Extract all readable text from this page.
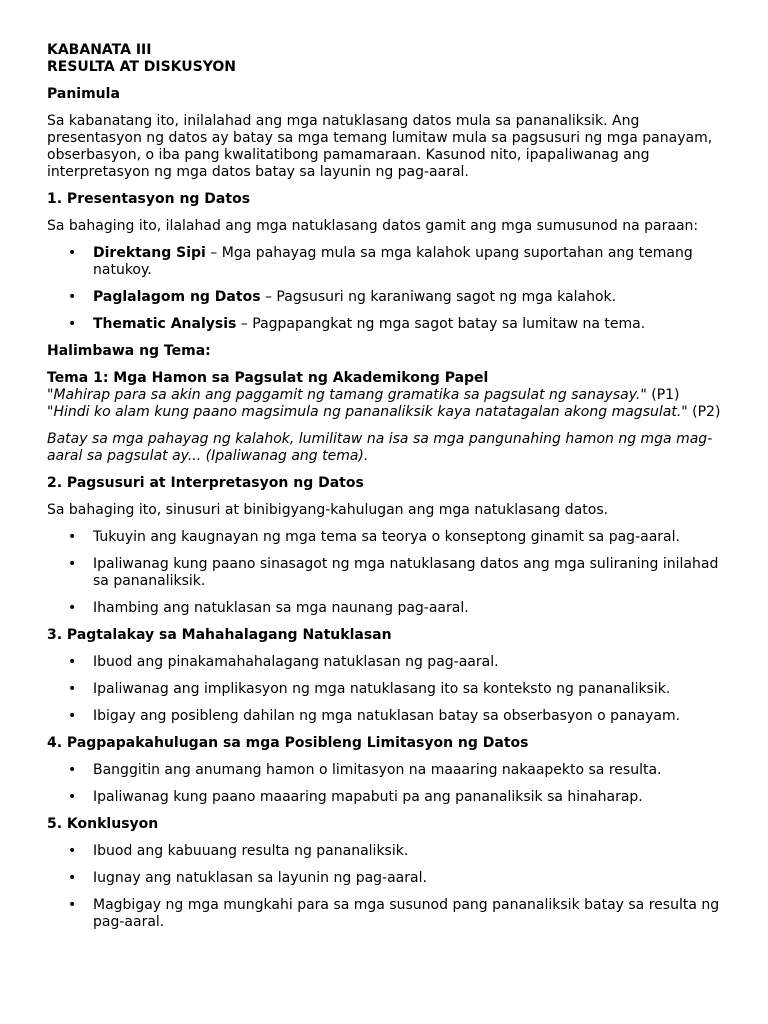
KABANATA III
RESULTA AT DISKUSYON
Panimula

Sa kabanatang ito, inilalahad ang mga natuklasang datos mula sa pananaliksik. Ang presentasyon ng datos ay batay sa mga temang lumitaw mula sa pagsusuri ng mga panayam, obserbasyon, o iba pang kwalitatibong pamamaraan. Kasunod nito, ipapaliwanag ang interpretasyon ng mga datos batay sa layunin ng pag-aaral.

1. Presentasyon ng Datos

Sa bahaging ito, ilalahad ang mga natuklasang datos gamit ang mga sumusunod na paraan:

• Direktang Sipi – Mga pahayag mula sa mga kalahok upang suportahan ang temang natukoy.
• Paglalagom ng Datos – Pagsusuri ng karaniwang sagot ng mga kalahok.
• Thematic Analysis – Pagpapangkat ng mga sagot batay sa lumitaw na tema.
Halimbawa ng Tema:
Tema 1: Mga Hamon sa Pagsulat ng Akademikong Papel
"Mahirap para sa akin ang paggamit ng tamang gramatika sa pagsulat ng sanaysay." (P1)
"Hindi ko alam kung paano magsimula ng pananaliksik kaya natatagalan akong magsulat." (P2)

Batay sa mga pahayag ng kalahok, lumilitaw na isa sa mga pangunahing hamon ng mga mag-aaral sa pagsulat ay... (Ipaliwanag ang tema).

2. Pagsusuri at Interpretasyon ng Datos

Sa bahaging ito, sinusuri at binibigyang-kahulugan ang mga natuklasang datos.

• Tukuyin ang kaugnayan ng mga tema sa teorya o konseptong ginamit sa pag-aaral.
• Ipaliwanag kung paano sinasagot ng mga natuklasang datos ang mga suliraning inilahad sa pananaliksik.
• Ihambing ang natuklasan sa mga naunang pag-aaral.
3. Pagtalakay sa Mahahalagang Natuklasan
• Ibuod ang pinakamahahalagang natuklasan ng pag-aaral.
• Ipaliwanag ang implikasyon ng mga natuklasang ito sa konteksto ng pananaliksik.
• Ibigay ang posibleng dahilan ng mga natuklasan batay sa obserbasyon o panayam.
4. Pagpapakahulugan sa mga Posibleng Limitasyon ng Datos
• Banggitin ang anumang hamon o limitasyon na maaaring nakaapekto sa resulta.
• Ipaliwanag kung paano maaaring mapabuti pa ang pananaliksik sa hinaharap.
5. Konklusyon
• Ibuod ang kabuuang resulta ng pananaliksik.
• Iugnay ang natuklasan sa layunin ng pag-aaral.
• Magbigay ng mga mungkahi para sa mga susunod pang pananaliksik batay sa resulta ng pag-aaral.
